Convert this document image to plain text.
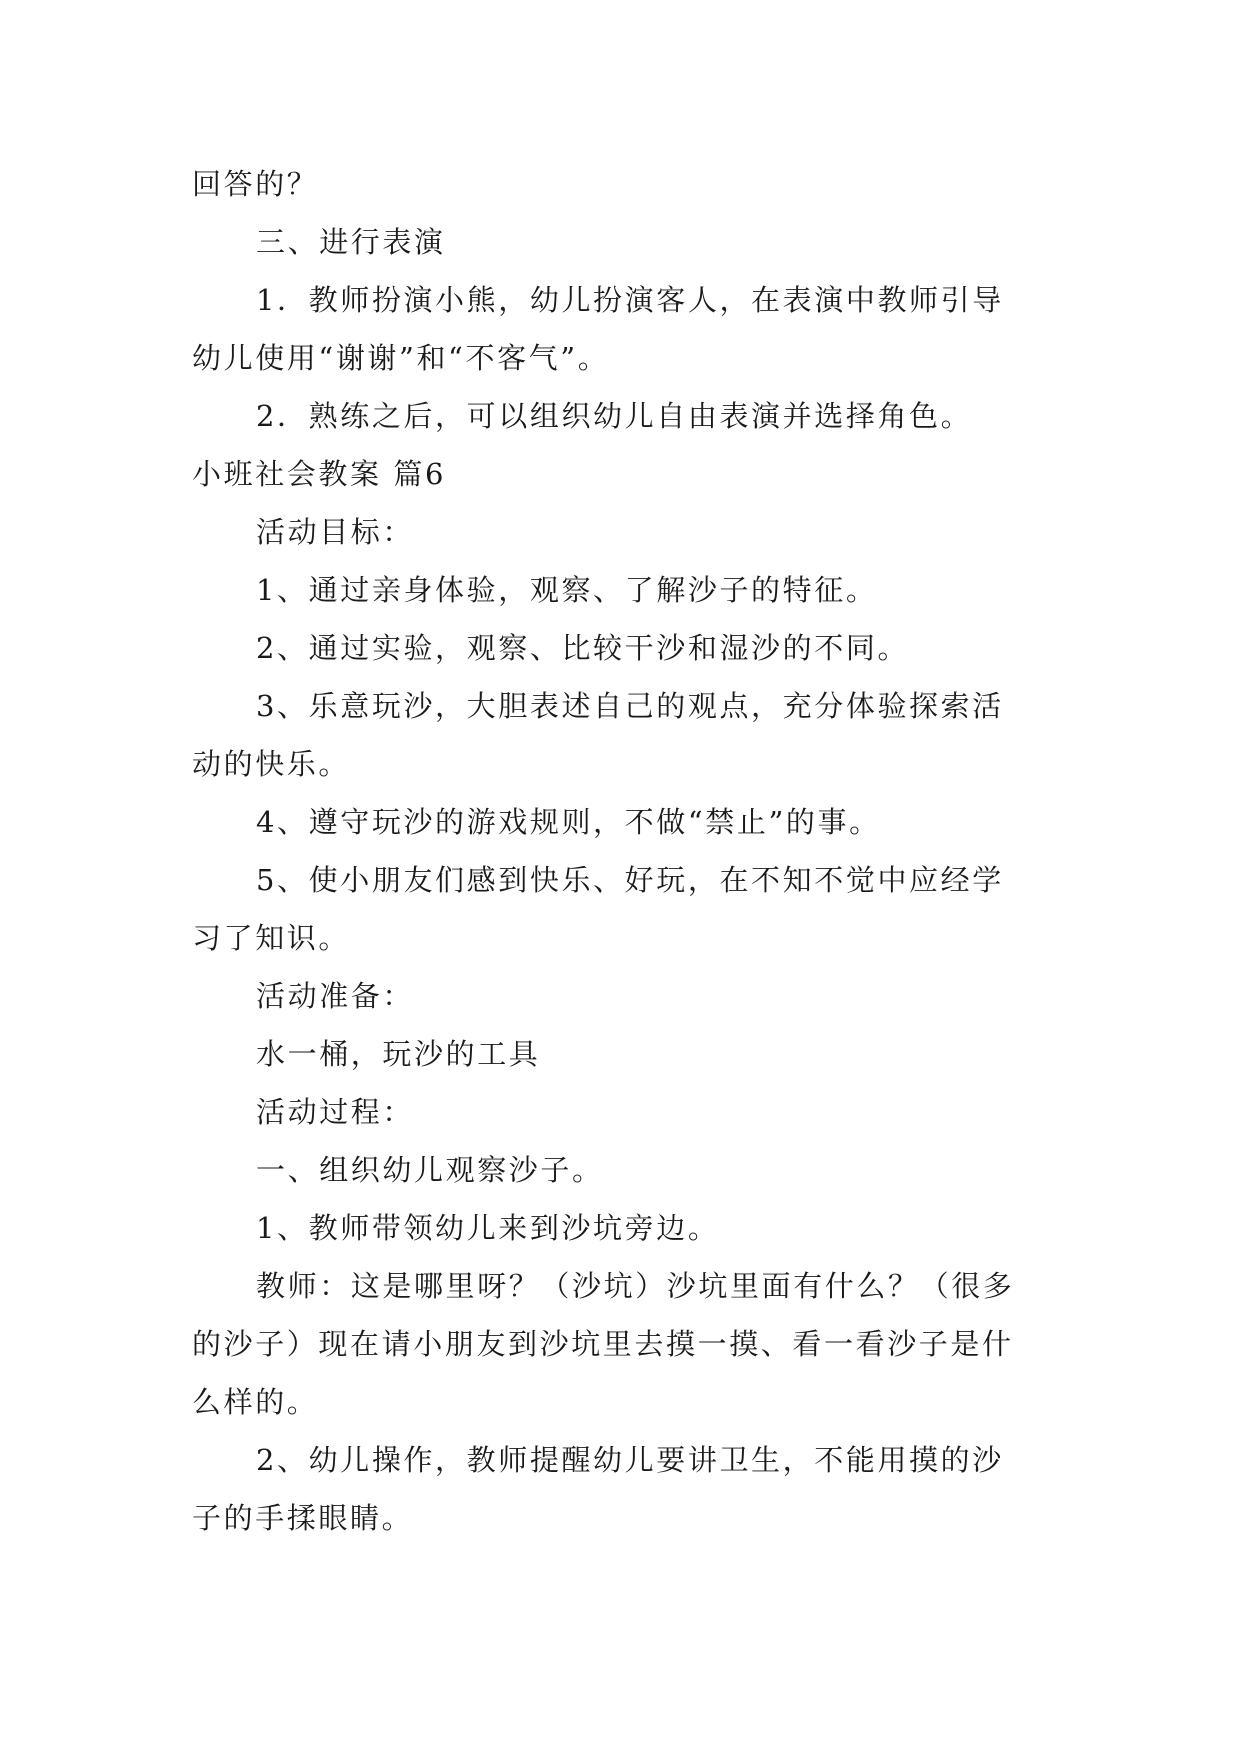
回答的？
三、进行表演
1．教师扮演小熊，幼儿扮演客人，在表演中教师引导
幼儿使用“谢谢”和“不客气”。
2．熟练之后，可以组织幼儿自由表演并选择角色。
小班社会教案 篇6
活动目标：
1、通过亲身体验，观察、了解沙子的特征。
2、通过实验，观察、比较干沙和湿沙的不同。
3、乐意玩沙，大胆表述自己的观点，充分体验探索活
动的快乐。
4、遵守玩沙的游戏规则，不做“禁止”的事。
5、使小朋友们感到快乐、好玩，在不知不觉中应经学
习了知识。
活动准备：
水一桶，玩沙的工具
活动过程：
一、组织幼儿观察沙子。
1、教师带领幼儿来到沙坑旁边。
教师：这是哪里呀？（沙坑）沙坑里面有什么？（很多
的沙子）现在请小朋友到沙坑里去摸一摸、看一看沙子是什
么样的。
2、幼儿操作，教师提醒幼儿要讲卫生，不能用摸的沙
子的手揉眼睛。
